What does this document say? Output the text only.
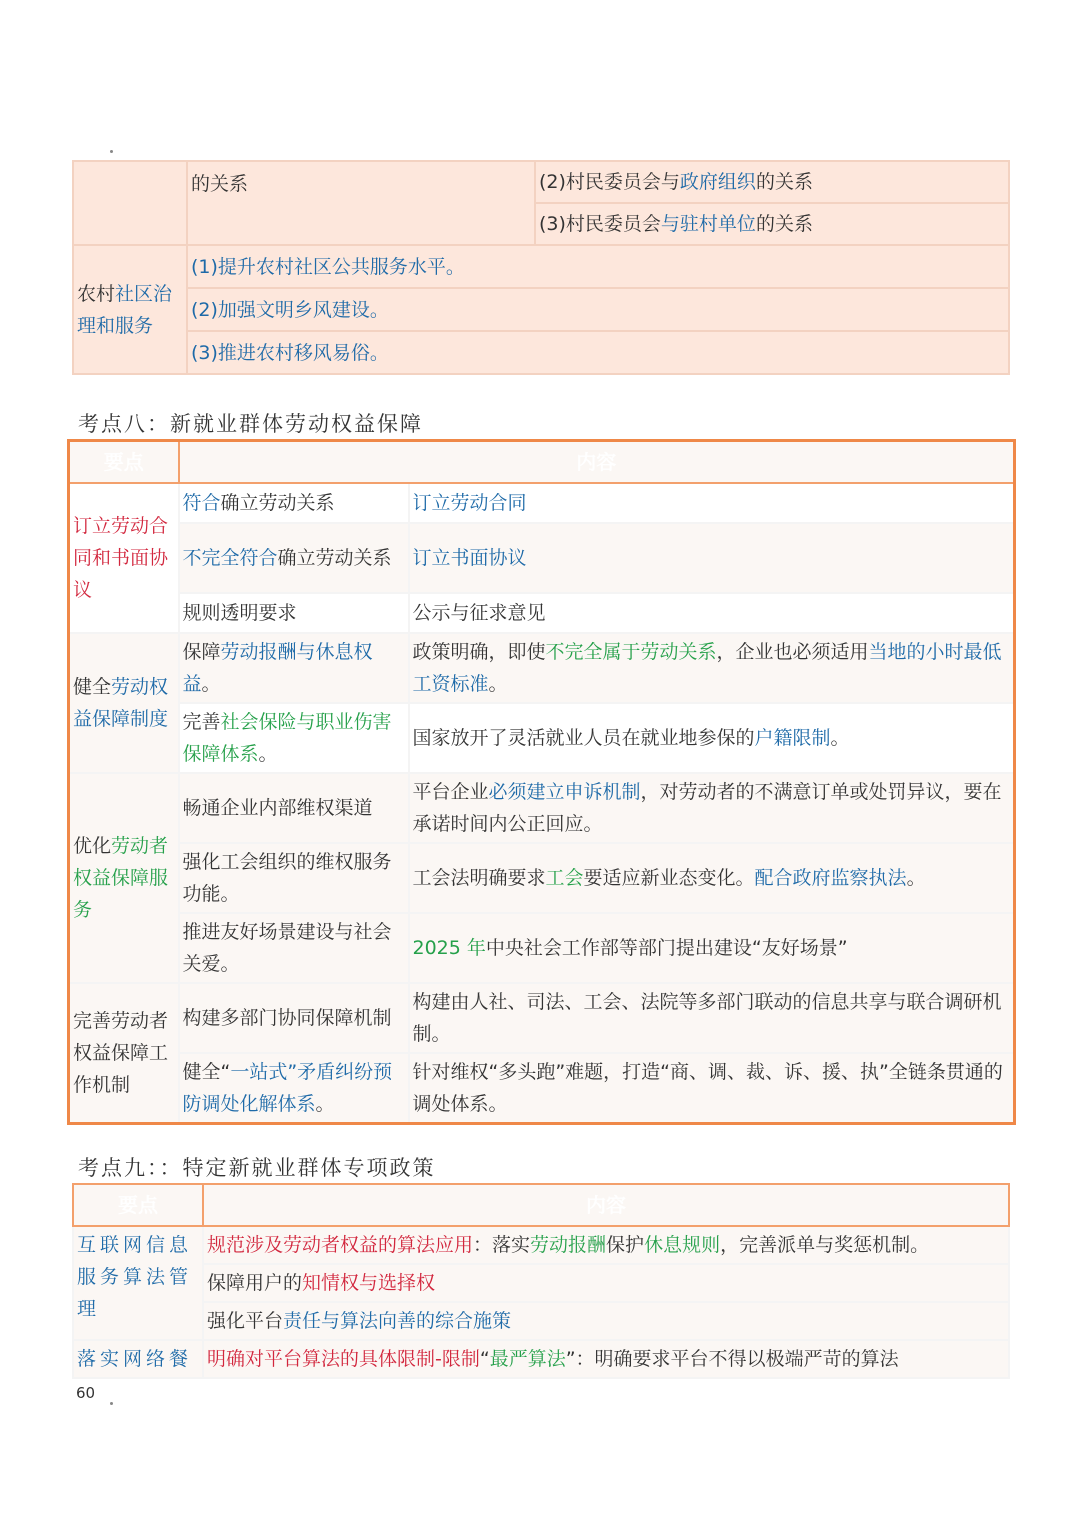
	的关系	(2)村民委员会与政府组织的关系
		(3)村民委员会与驻村单位的关系
农村社区治理和服务	(1)提升农村社区公共服务水平。	
	(2)加强文明乡风建设。	
	(3)推进农村移风易俗。	
考点八：新就业群体劳动权益保障
要点	内容	
订立劳动合同和书面协议	符合确立劳动关系	订立劳动合同
	不完全符合确立劳动关系	订立书面协议
	规则透明要求	公示与征求意见
健全劳动权益保障制度	保障劳动报酬与休息权益。	政策明确，即使不完全属于劳动关系，企业也必须适用当地的小时最低工资标准。
	完善社会保险与职业伤害保障体系。	国家放开了灵活就业人员在就业地参保的户籍限制。
优化劳动者权益保障服务	畅通企业内部维权渠道	平台企业必须建立申诉机制，对劳动者的不满意订单或处罚异议，要在承诺时间内公正回应。
	强化工会组织的维权服务功能。	工会法明确要求工会要适应新业态变化。配合政府监察执法。
	推进友好场景建设与社会关爱。	2025 年中央社会工作部等部门提出建设“友好场景”
完善劳动者权益保障工作机制	构建多部门协同保障机制	构建由人社、司法、工会、法院等多部门联动的信息共享与联合调研机制。
	健全“一站式”矛盾纠纷预防调处化解体系。	针对维权“多头跑”难题，打造“商、调、裁、诉、援、执”全链条贯通的调处体系。
考点九：：特定新就业群体专项政策
要点	内容
互联网信息服务算法管理	规范涉及劳动者权益的算法应用：落实劳动报酬保护休息规则，完善派单与奖惩机制。
	保障用户的知情权与选择权
	强化平台责任与算法向善的综合施策
落实网络餐	明确对平台算法的具体限制-限制“最严算法”：明确要求平台不得以极端严苛的算法
60
